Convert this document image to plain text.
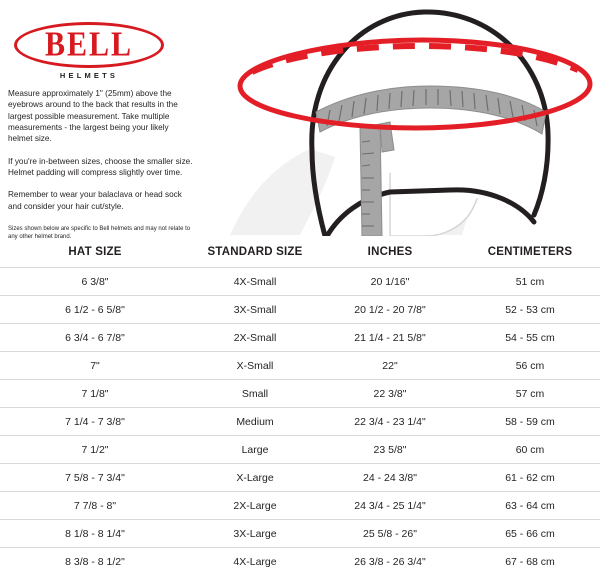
BELL
HELMETS

Measure approximately 1" (25mm) above the eyebrows around to the back that results in the largest possible measurement. Take multiple measurements - the largest being your likely helmet size.

If you're in-between sizes, choose the smaller size. Helmet padding will compress slightly over time.

Remember to wear your balaclava or head sock and consider your hair cut/style.

Sizes shown below are specific to Bell helmets and may not relate to any other helmet brand.

HAT SIZE	STANDARD SIZE	INCHES	CENTIMETERS
6 3/8"	4X-Small	20 1/16"	51 cm
6 1/2 - 6 5/8"	3X-Small	20 1/2 - 20 7/8"	52 - 53 cm
6 3/4 - 6 7/8"	2X-Small	21 1/4 - 21 5/8"	54 - 55 cm
7"	X-Small	22"	56 cm
7 1/8"	Small	22 3/8"	57 cm
7 1/4 - 7 3/8"	Medium	22 3/4 - 23 1/4"	58 - 59 cm
7 1/2"	Large	23 5/8"	60 cm
7 5/8 - 7 3/4"	X-Large	24 - 24 3/8"	61 - 62 cm
7 7/8 - 8"	2X-Large	24 3/4 - 25 1/4"	63 - 64 cm
8 1/8 - 8 1/4"	3X-Large	25 5/8 - 26"	65 - 66 cm
8 3/8 - 8 1/2"	4X-Large	26 3/8 - 26 3/4"	67 - 68 cm
